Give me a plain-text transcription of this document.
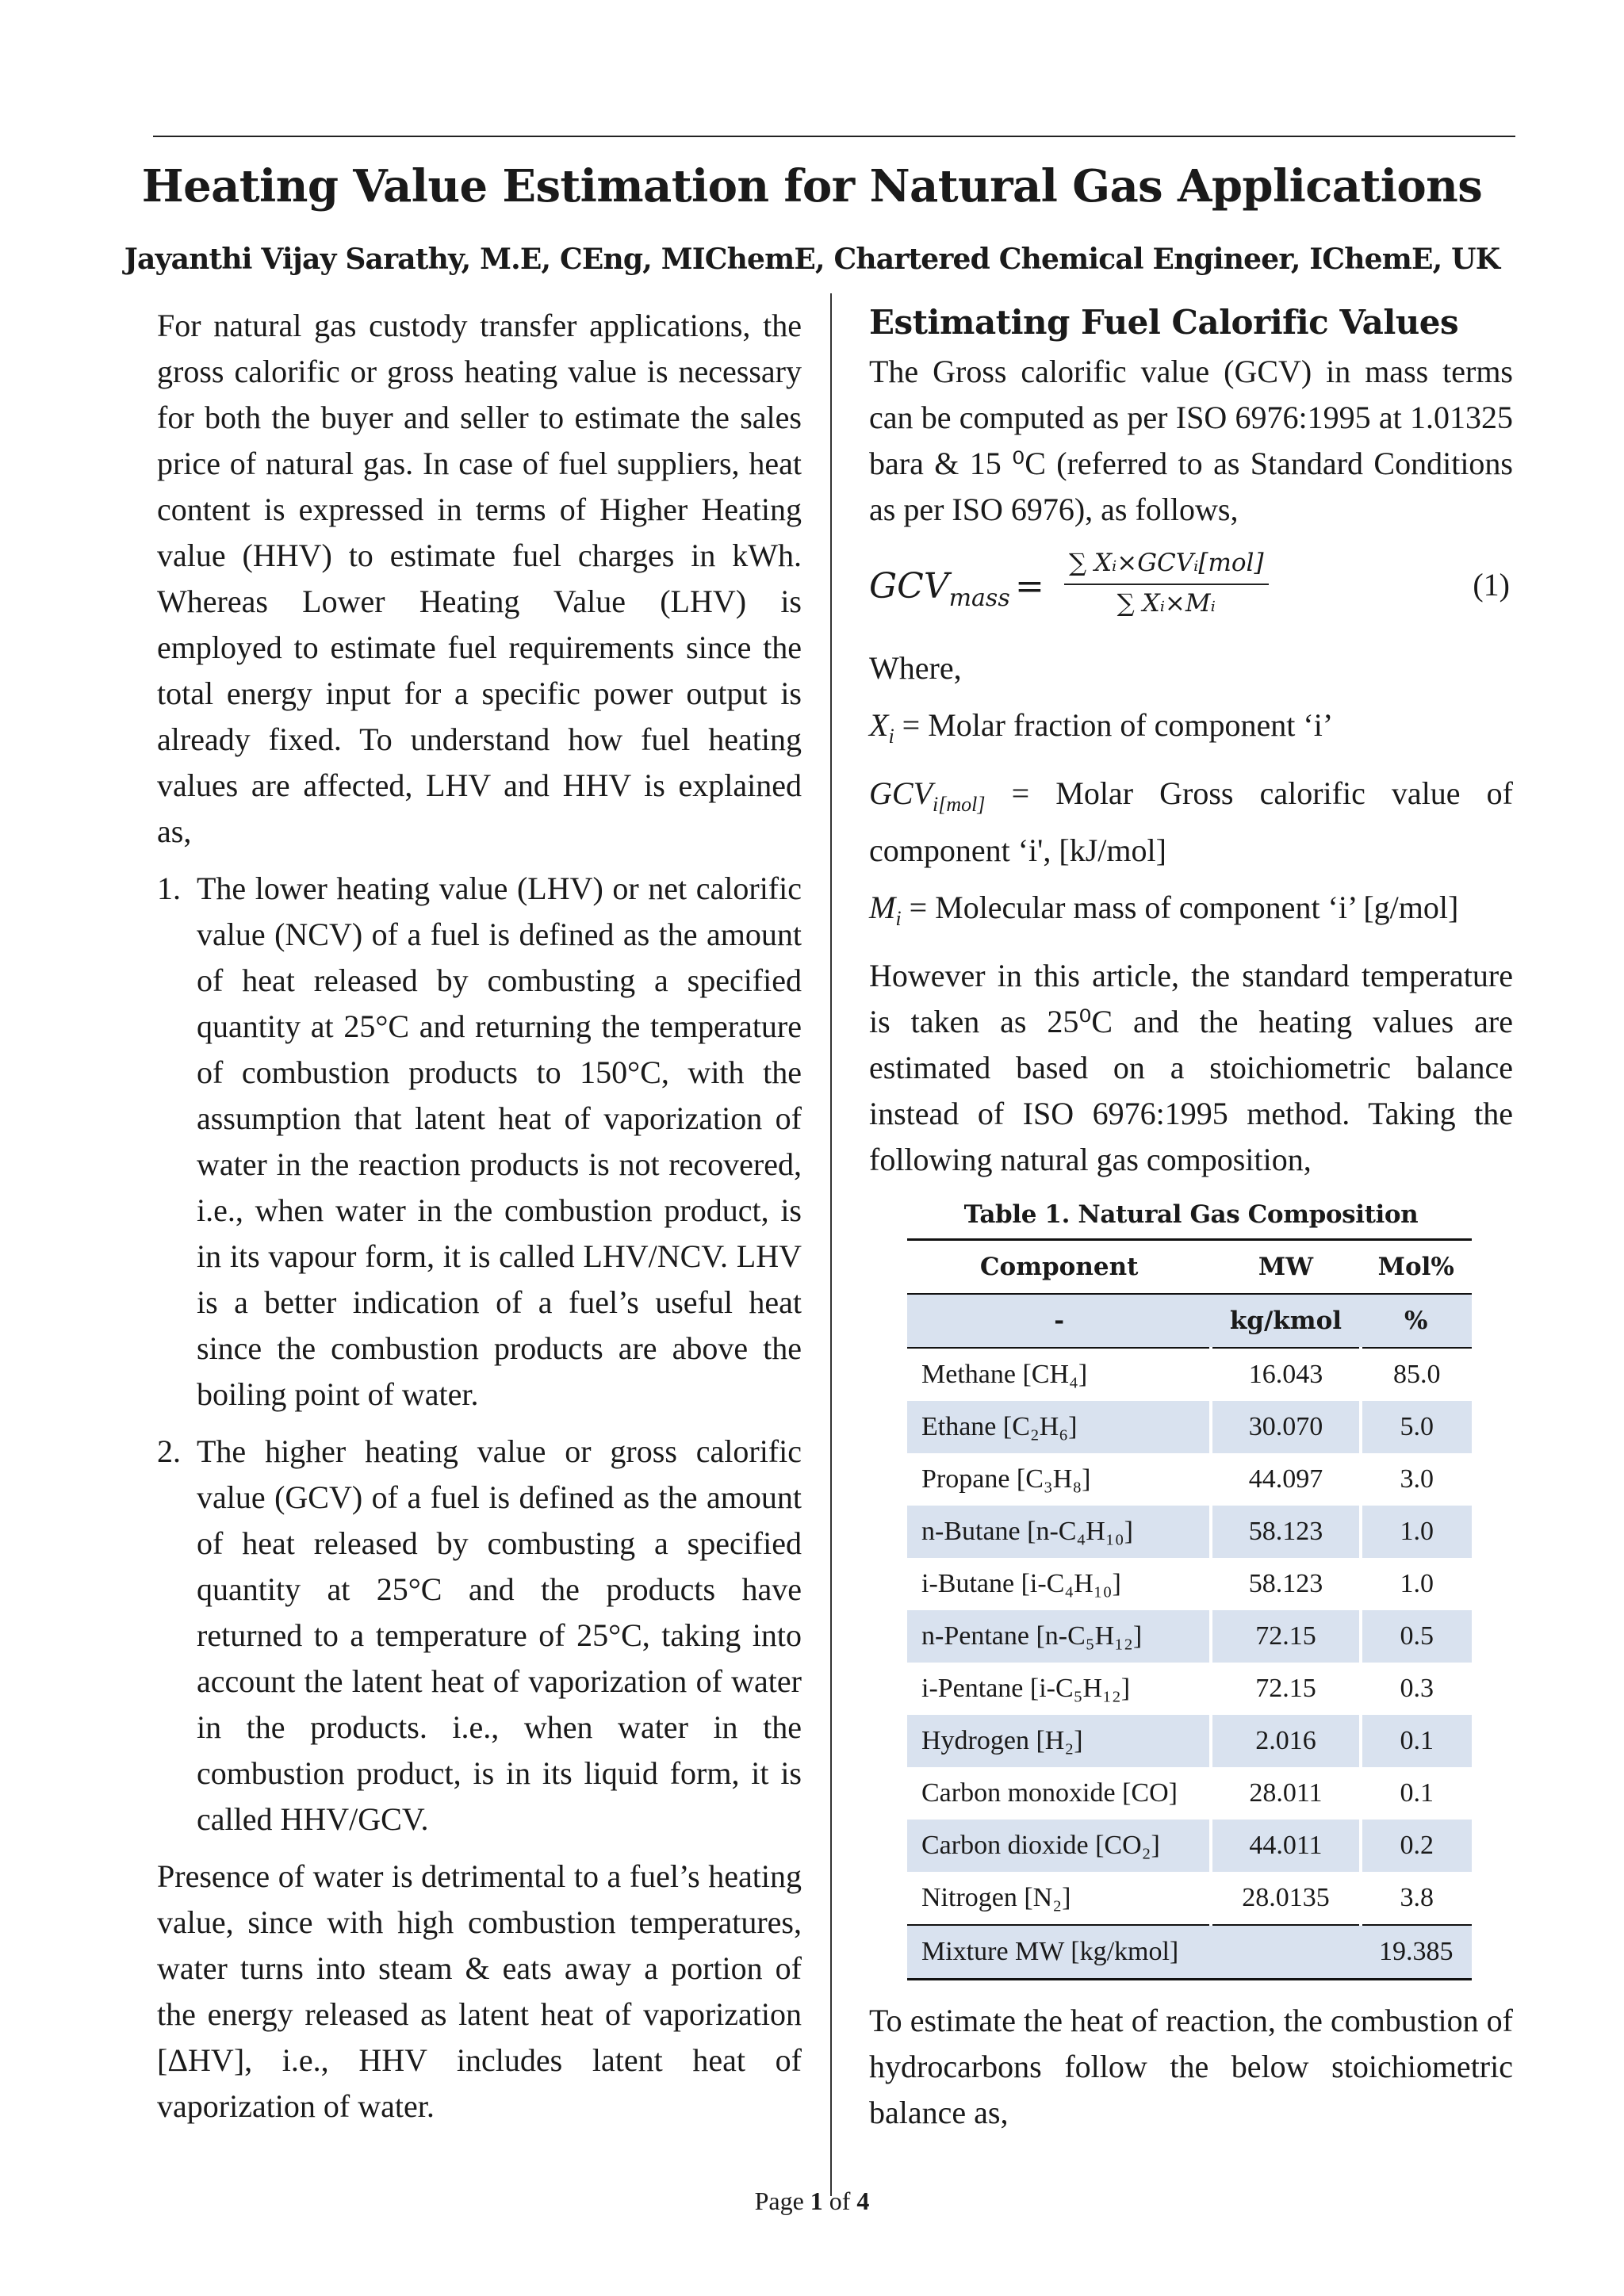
Heating Value Estimation for Natural Gas Applications
Jayanthi Vijay Sarathy, M.E, CEng, MIChemE, Chartered Chemical Engineer, IChemE, UK

For natural gas custody transfer applications, the gross calorific or gross heating value is necessary for both the buyer and seller to estimate the sales price of natural gas. In case of fuel suppliers, heat content is expressed in terms of Higher Heating value (HHV) to estimate fuel charges in kWh. Whereas Lower Heating Value (LHV) is employed to estimate fuel requirements since the total energy input for a specific power output is already fixed. To understand how fuel heating values are affected, LHV and HHV is explained as,

1. The lower heating value (LHV) or net calorific value (NCV) of a fuel is defined as the amount of heat released by combusting a specified quantity at 25°C and returning the temperature of combustion products to 150°C, with the assumption that latent heat of vaporization of water in the reaction products is not recovered, i.e., when water in the combustion product, is in its vapour form, it is called LHV/NCV. LHV is a better indication of a fuel’s useful heat since the combustion products are above the boiling point of water.

2. The higher heating value or gross calorific value (GCV) of a fuel is defined as the amount of heat released by combusting a specified quantity at 25°C and the products have returned to a temperature of 25°C, taking into account the latent heat of vaporization of water in the products. i.e., when water in the combustion product, is in its liquid form, it is called HHV/GCV.

Presence of water is detrimental to a fuel’s heating value, since with high combustion temperatures, water turns into steam & eats away a portion of the energy released as latent heat of vaporization [ΔHV], i.e., HHV includes latent heat of vaporization of water.

Estimating Fuel Calorific Values

The Gross calorific value (GCV) in mass terms can be computed as per ISO 6976:1995 at 1.01325 bara & 15 ⁰C (referred to as Standard Conditions as per ISO 6976), as follows,

$GCV_{mass}$ =
∑ Xᵢ×GCVᵢ[mol]
∑ Xᵢ×Mᵢ
(1)

Where,

$X_i$ = Molar fraction of component ‘i’

$GCV_{i[mol]}$ = Molar Gross calorific value of component ‘i', [kJ/mol]

$M_i$ = Molecular mass of component ‘i’ [g/mol]

However in this article, the standard temperature is taken as 25⁰C and the heating values are estimated based on a stoichiometric balance instead of ISO 6976:1995 method. Taking the following natural gas composition,

Table 1. Natural Gas Composition
Component	MW	Mol%
-	kg/kmol	%
Methane [CH₄]	16.043	85.0
Ethane [C₂H₆]	30.070	5.0
Propane [C₃H₈]	44.097	3.0
n-Butane [n-C₄H₁₀]	58.123	1.0
i-Butane [i-C₄H₁₀]	58.123	1.0
n-Pentane [n-C₅H₁₂]	72.15	0.5
i-Pentane [i-C₅H₁₂]	72.15	0.3
Hydrogen [H₂]	2.016	0.1
Carbon monoxide [CO]	28.011	0.1
Carbon dioxide [CO₂]	44.011	0.2
Nitrogen [N₂]	28.0135	3.8
Mixture MW [kg/kmol]		19.385

To estimate the heat of reaction, the combustion of hydrocarbons follow the below stoichiometric balance as,

Page 1 of 4
